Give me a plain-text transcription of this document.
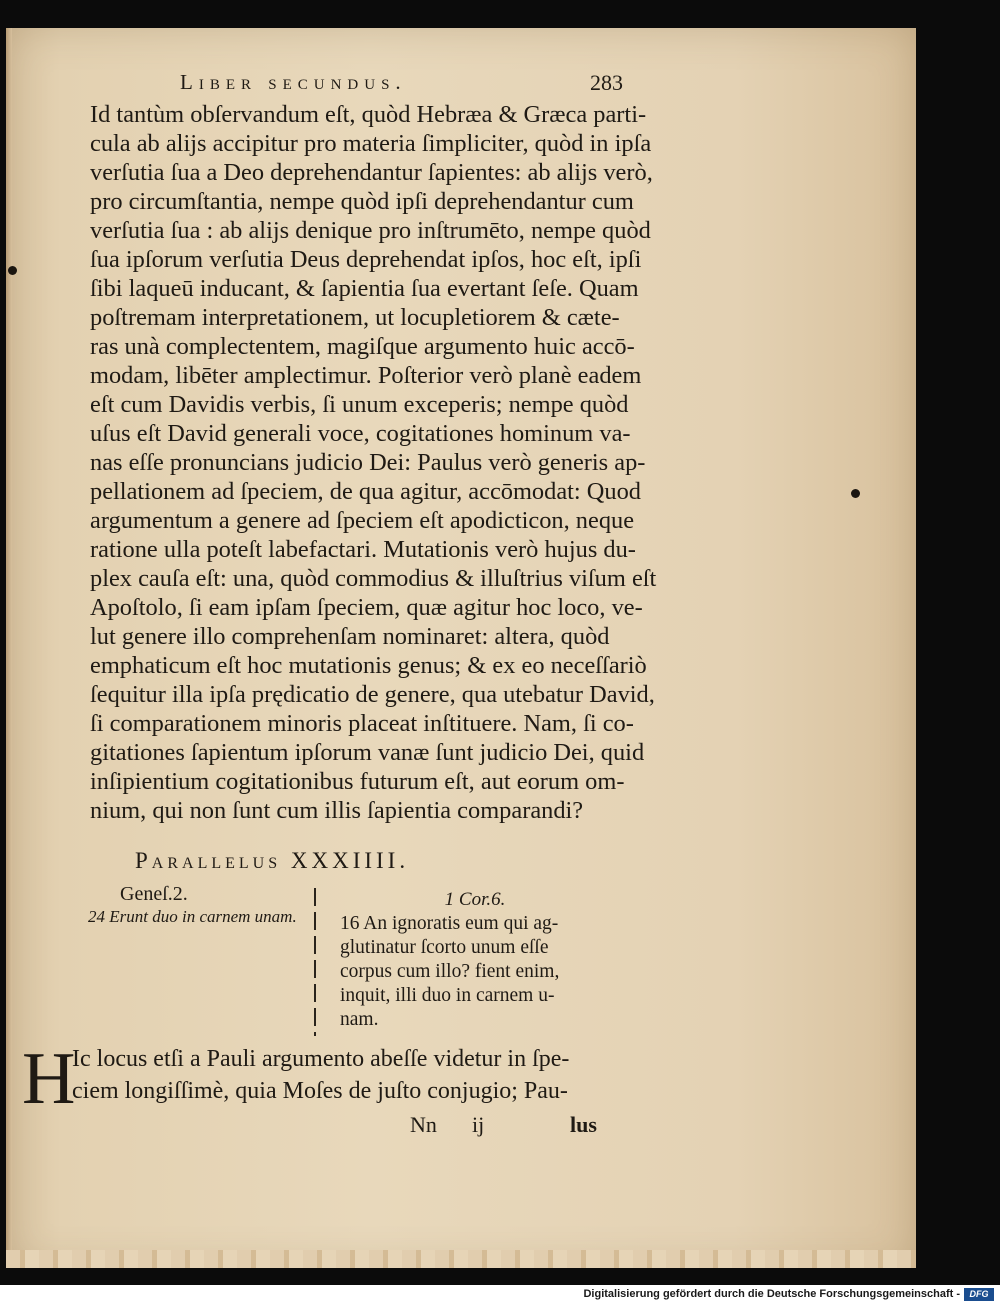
Liber secundus.	283
Id tantùm obſervandum eſt, quòd Hebræa & Græca parti-
cula ab alijs accipitur pro materia ſimpliciter, quòd in ipſa
verſutia ſua a Deo deprehendantur ſapientes: ab alijs verò,
pro circumſtantia, nempe quòd ipſi deprehendantur cum
verſutia ſua : ab alijs denique pro inſtrumēto, nempe quòd
ſua ipſorum verſutia Deus deprehendat ipſos, hoc eſt, ipſi
ſibi laqueū inducant, & ſapientia ſua evertant ſeſe. Quam
poſtremam interpretationem, ut locupletiorem & cæte-
ras unà complectentem, magiſque argumento huic accō-
modam, libēter amplectimur. Poſterior verò planè eadem
eſt cum Davidis verbis, ſi unum exceperis; nempe quòd
uſus eſt David generali voce, cogitationes hominum va-
nas eſſe pronuncians judicio Dei: Paulus verò generis ap-
pellationem ad ſpeciem, de qua agitur, accōmodat: Quod
argumentum a genere ad ſpeciem eſt apodicticon, neque
ratione ulla poteſt labefactari. Mutationis verò hujus du-
plex cauſa eſt: una, quòd commodius & illuſtrius viſum eſt
Apoſtolo, ſi eam ipſam ſpeciem, quæ agitur hoc loco, ve-
lut genere illo comprehenſam nominaret: altera, quòd
emphaticum eſt hoc mutationis genus; & ex eo neceſſariò
ſequitur illa ipſa prędicatio de genere, qua utebatur David,
ſi comparationem minoris placeat inſtituere. Nam, ſi co-
gitationes ſapientum ipſorum vanæ ſunt judicio Dei, quid
inſipientium cogitationibus futurum eſt, aut eorum om-
nium, qui non ſunt cum illis ſapientia comparandi?
Parallelus XXXIIII.
Geneſ.2.
24 Erunt duo in carnem unam.
1 Cor.6.
16 An ignoratis eum qui ag-
glutinatur ſcorto unum eſſe
corpus cum illo? fient enim,
inquit, illi duo in carnem u-
nam.
H
Ic locus etſi a Pauli argumento abeſſe videtur in ſpe-
ciem longiſſimè, quia Moſes de juſto conjugio; Pau-
Nn ij	lus
Digitalisierung gefördert durch die Deutsche Forschungsgemeinschaft -	DFG
